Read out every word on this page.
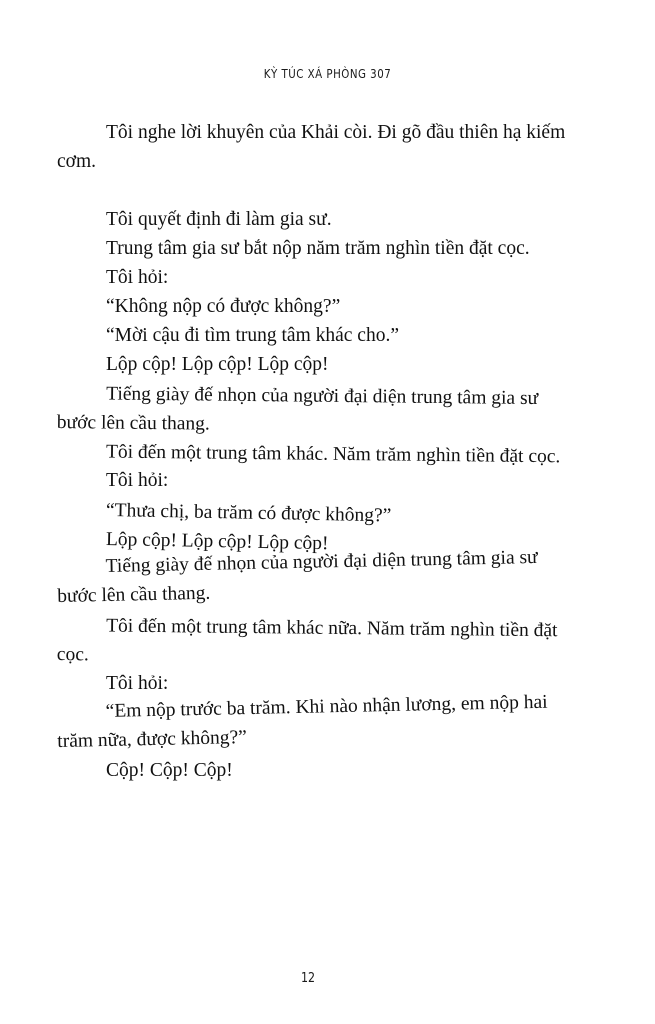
KỲ TÚC XÁ PHÒNG 307

Tôi nghe lời khuyên của Khải còi. Đi gõ đầu thiên hạ kiếm cơm.

Tôi quyết định đi làm gia sư.

Trung tâm gia sư bắt nộp năm trăm nghìn tiền đặt cọc.

Tôi hỏi:

“Không nộp có được không?”

“Mời cậu đi tìm trung tâm khác cho.”

Lộp cộp! Lộp cộp! Lộp cộp!

Tiếng giày đế nhọn của người đại diện trung tâm gia sư bước lên cầu thang.

Tôi đến một trung tâm khác. Năm trăm nghìn tiền đặt cọc.

Tôi hỏi:

“Thưa chị, ba trăm có được không?”

Lộp cộp! Lộp cộp! Lộp cộp!

Tiếng giày đế nhọn của người đại diện trung tâm gia sư bước lên cầu thang.

Tôi đến một trung tâm khác nữa. Năm trăm nghìn tiền đặt cọc.

Tôi hỏi:

“Em nộp trước ba trăm. Khi nào nhận lương, em nộp hai trăm nữa, được không?”

Cộp! Cộp! Cộp!

12
